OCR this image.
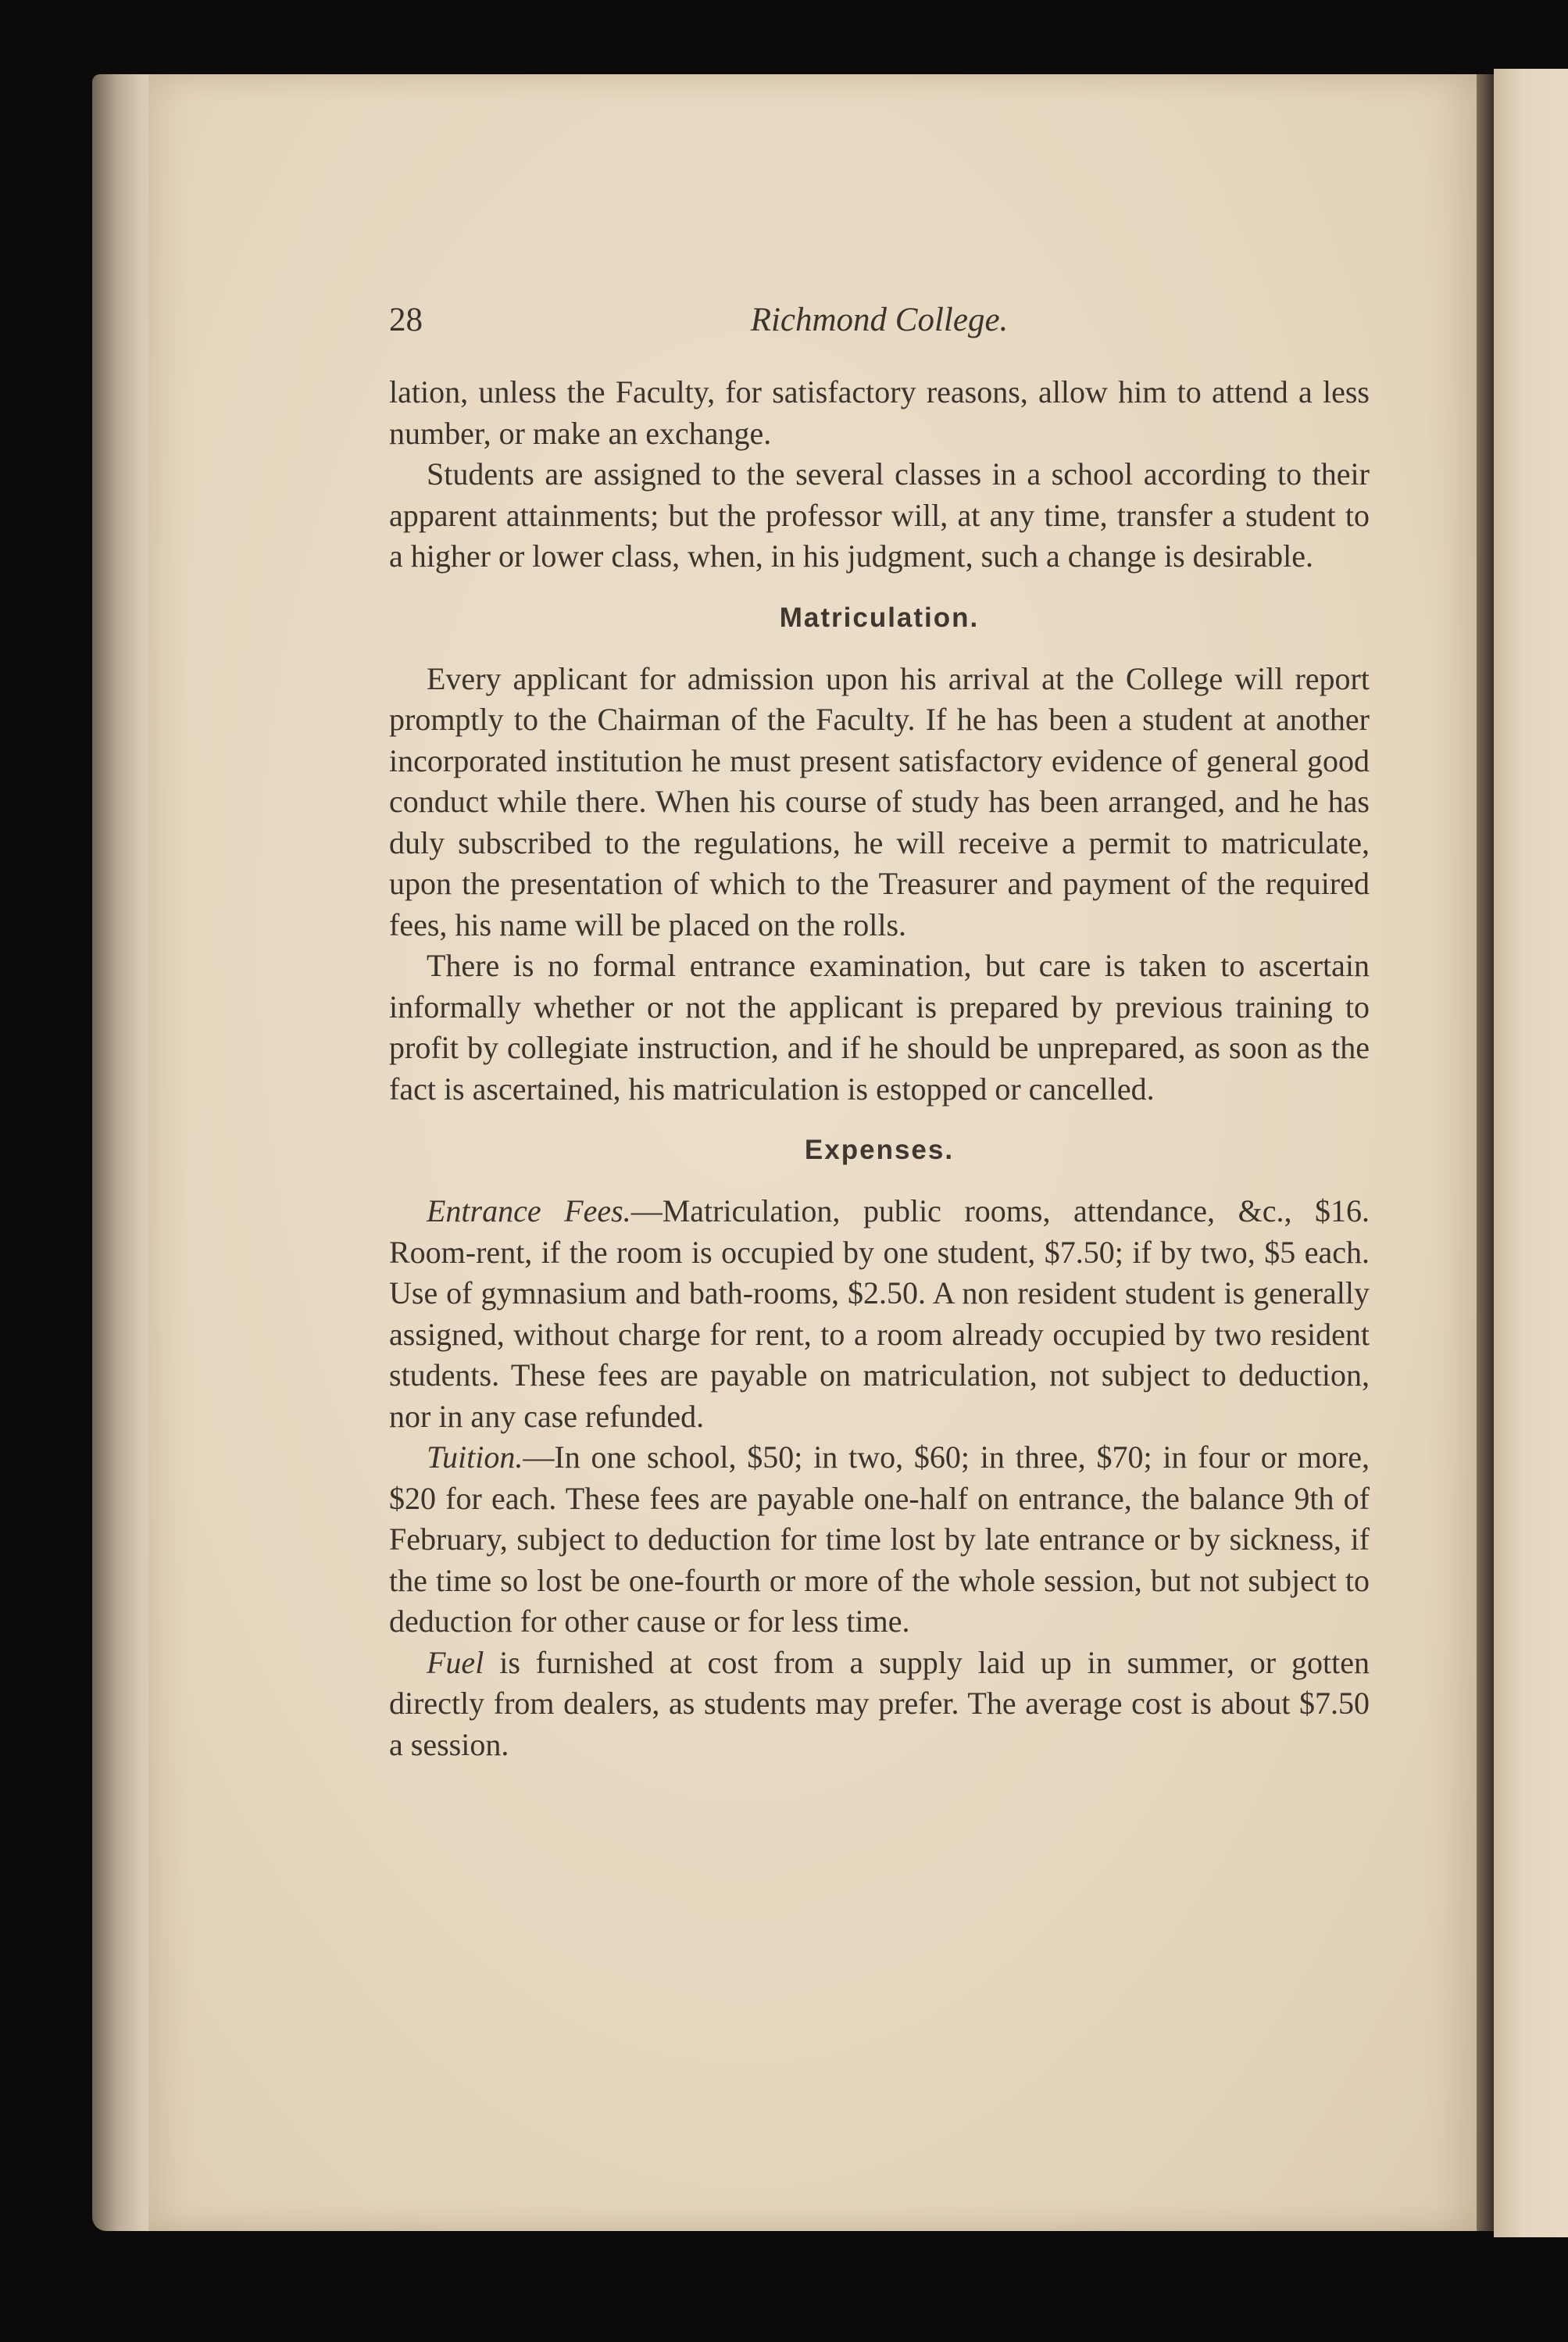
28	Richmond College.

lation, unless the Faculty, for satisfactory reasons, allow him to attend a less number, or make an exchange.

Students are assigned to the several classes in a school according to their apparent attainments; but the professor will, at any time, transfer a student to a higher or lower class, when, in his judgment, such a change is desirable.

Matriculation.

Every applicant for admission upon his arrival at the College will report promptly to the Chairman of the Faculty. If he has been a student at another incorporated institution he must present satisfactory evidence of general good conduct while there. When his course of study has been arranged, and he has duly subscribed to the regulations, he will receive a permit to matriculate, upon the presentation of which to the Treasurer and payment of the required fees, his name will be placed on the rolls.

There is no formal entrance examination, but care is taken to ascertain informally whether or not the applicant is prepared by previous training to profit by collegiate instruction, and if he should be unprepared, as soon as the fact is ascertained, his matriculation is estopped or cancelled.

Expenses.

Entrance Fees.—Matriculation, public rooms, attendance, &c., $16. Room-rent, if the room is occupied by one student, $7.50; if by two, $5 each. Use of gymnasium and bath-rooms, $2.50. A non resident student is generally assigned, without charge for rent, to a room already occupied by two resident students. These fees are payable on matriculation, not subject to deduction, nor in any case refunded.

Tuition.—In one school, $50; in two, $60; in three, $70; in four or more, $20 for each. These fees are payable one-half on entrance, the balance 9th of February, subject to deduction for time lost by late entrance or by sickness, if the time so lost be one-fourth or more of the whole session, but not subject to deduction for other cause or for less time.

Fuel is furnished at cost from a supply laid up in summer, or gotten directly from dealers, as students may prefer. The average cost is about $7.50 a session.
